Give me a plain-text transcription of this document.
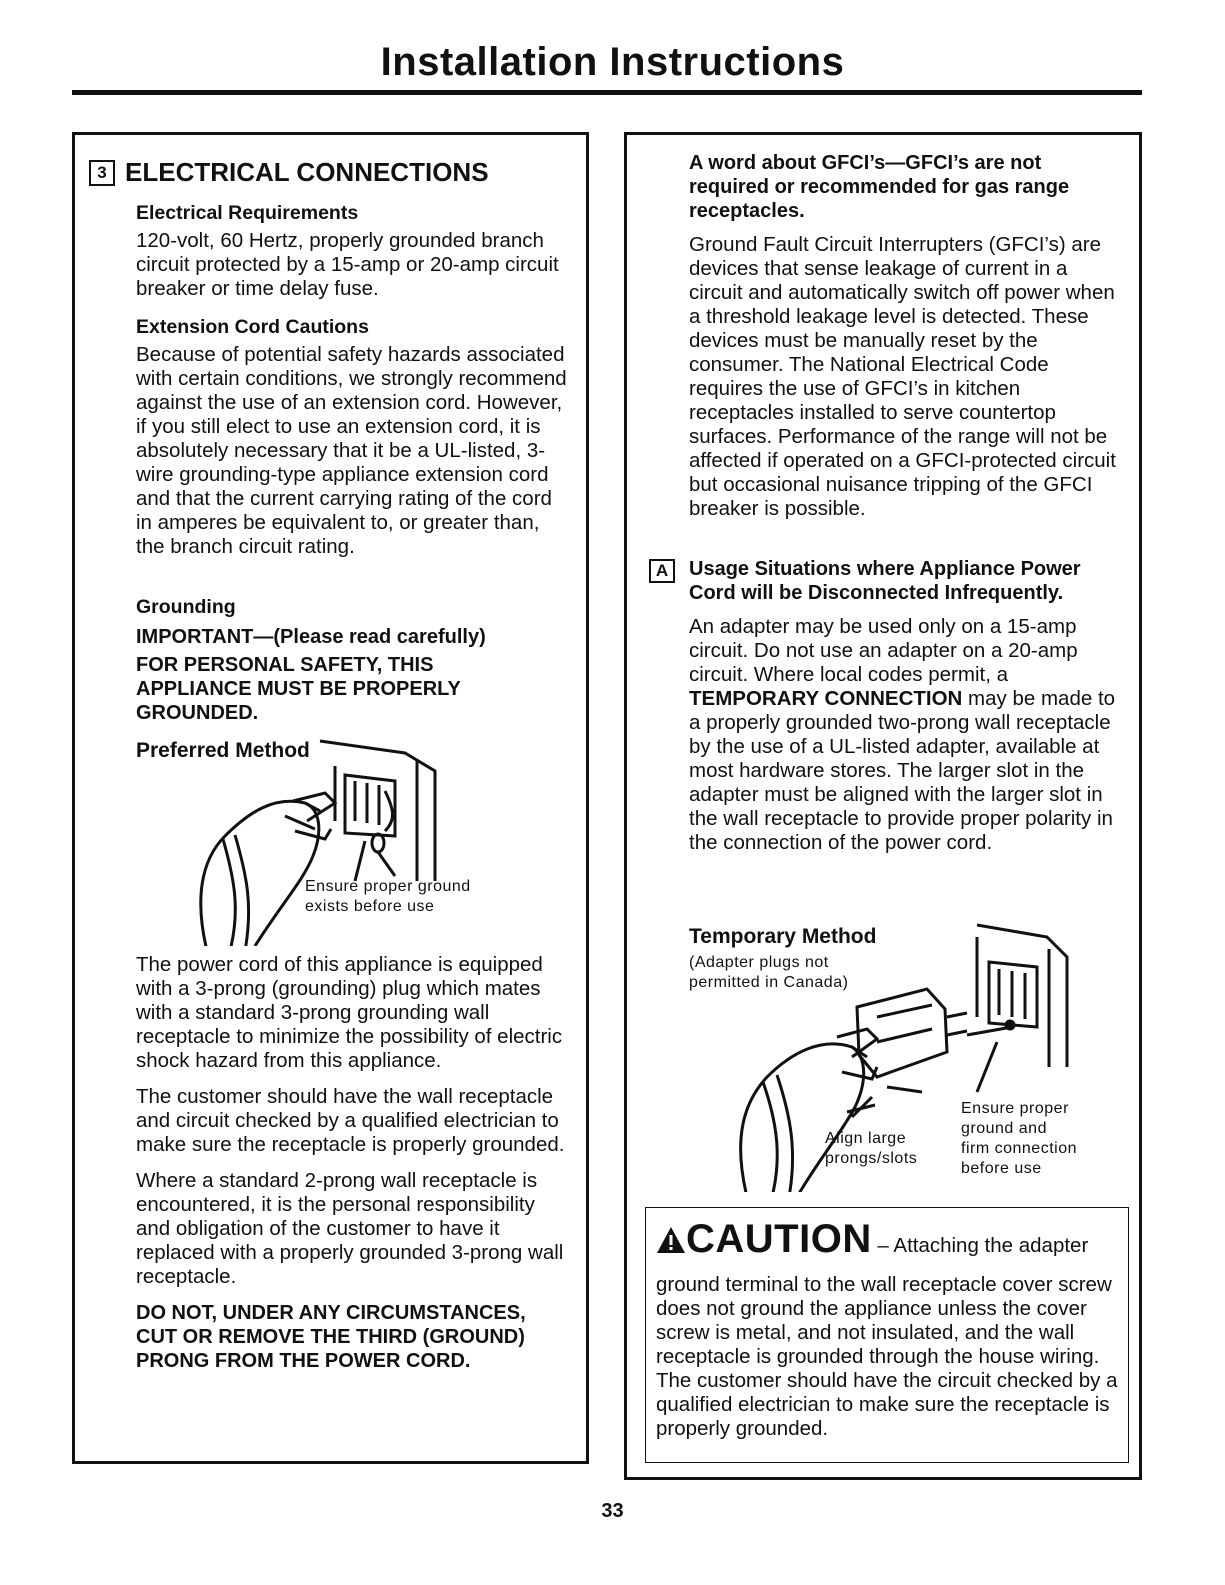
Installation Instructions
3 ELECTRICAL CONNECTIONS

Electrical Requirements

120-volt, 60 Hertz, properly grounded branch circuit protected by a 15-amp or 20-amp circuit breaker or time delay fuse.

Extension Cord Cautions

Because of potential safety hazards associated with certain conditions, we strongly recommend against the use of an extension cord. However, if you still elect to use an extension cord, it is absolutely necessary that it be a UL-listed, 3-wire grounding-type appliance extension cord and that the current carrying rating of the cord in amperes be equivalent to, or greater than, the branch circuit rating.

Grounding

IMPORTANT—(Please read carefully)

FOR PERSONAL SAFETY, THIS APPLIANCE MUST BE PROPERLY GROUNDED.

Preferred Method

Ensure proper ground
exists before use

The power cord of this appliance is equipped with a 3-prong (grounding) plug which mates with a standard 3-prong grounding wall receptacle to minimize the possibility of electric shock hazard from this appliance.

The customer should have the wall receptacle and circuit checked by a qualified electrician to make sure the receptacle is properly grounded.

Where a standard 2-prong wall receptacle is encountered, it is the personal responsibility and obligation of the customer to have it replaced with a properly grounded 3-prong wall receptacle.

DO NOT, UNDER ANY CIRCUMSTANCES, CUT OR REMOVE THE THIRD (GROUND) PRONG FROM THE POWER CORD.

A word about GFCI’s—GFCI’s are not required or recommended for gas range receptacles.

Ground Fault Circuit Interrupters (GFCI’s) are devices that sense leakage of current in a circuit and automatically switch off power when a threshold leakage level is detected. These devices must be manually reset by the consumer. The National Electrical Code requires the use of GFCI’s in kitchen receptacles installed to serve countertop surfaces. Performance of the range will not be affected if operated on a GFCI-protected circuit but occasional nuisance tripping of the GFCI breaker is possible.

A	Usage Situations where Appliance Power Cord will be Disconnected Infrequently.

An adapter may be used only on a 15-amp circuit. Do not use an adapter on a 20-amp circuit. Where local codes permit, a TEMPORARY CONNECTION may be made to a properly grounded two-prong wall receptacle by the use of a UL-listed adapter, available at most hardware stores. The larger slot in the adapter must be aligned with the larger slot in the wall receptacle to provide proper polarity in the connection of the power cord.

Temporary Method

(Adapter plugs not
permitted in Canada)
Align large
prongs/slots
Ensure proper
ground and
firm connection
before use
CAUTION – Attaching the adapter

ground terminal to the wall receptacle cover screw does not ground the appliance unless the cover screw is metal, and not insulated, and the wall receptacle is grounded through the house wiring. The customer should have the circuit checked by a qualified electrician to make sure the receptacle is properly grounded.

33
